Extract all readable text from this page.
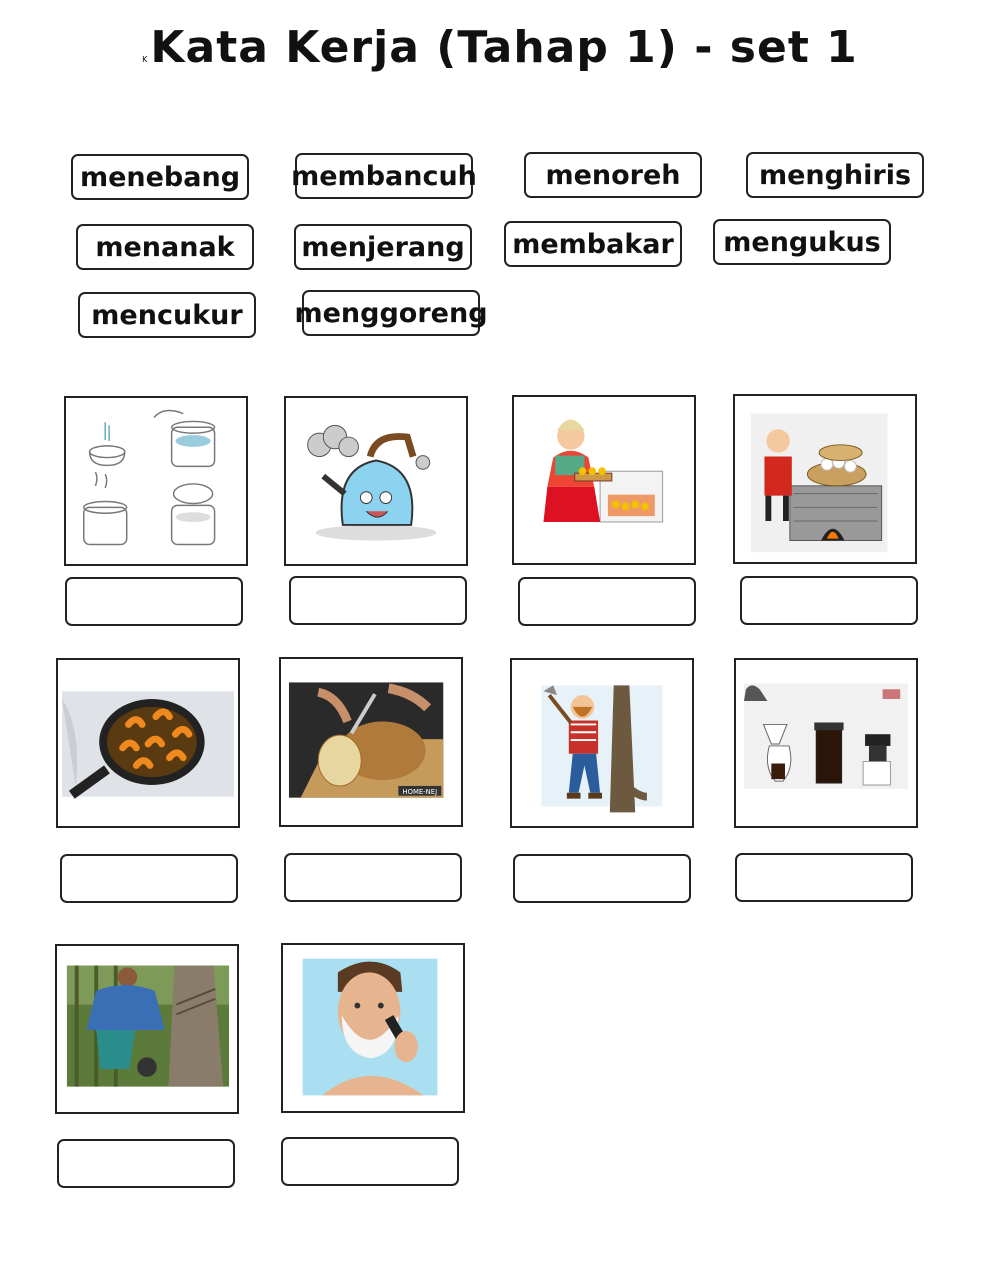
KKata Kerja (Tahap 1) - set 1
menebang	membancuh	menoreh	menghiris
menanak	menjerang	membakar	mengukus
mencukur	menggoreng
HOME-NEJ
